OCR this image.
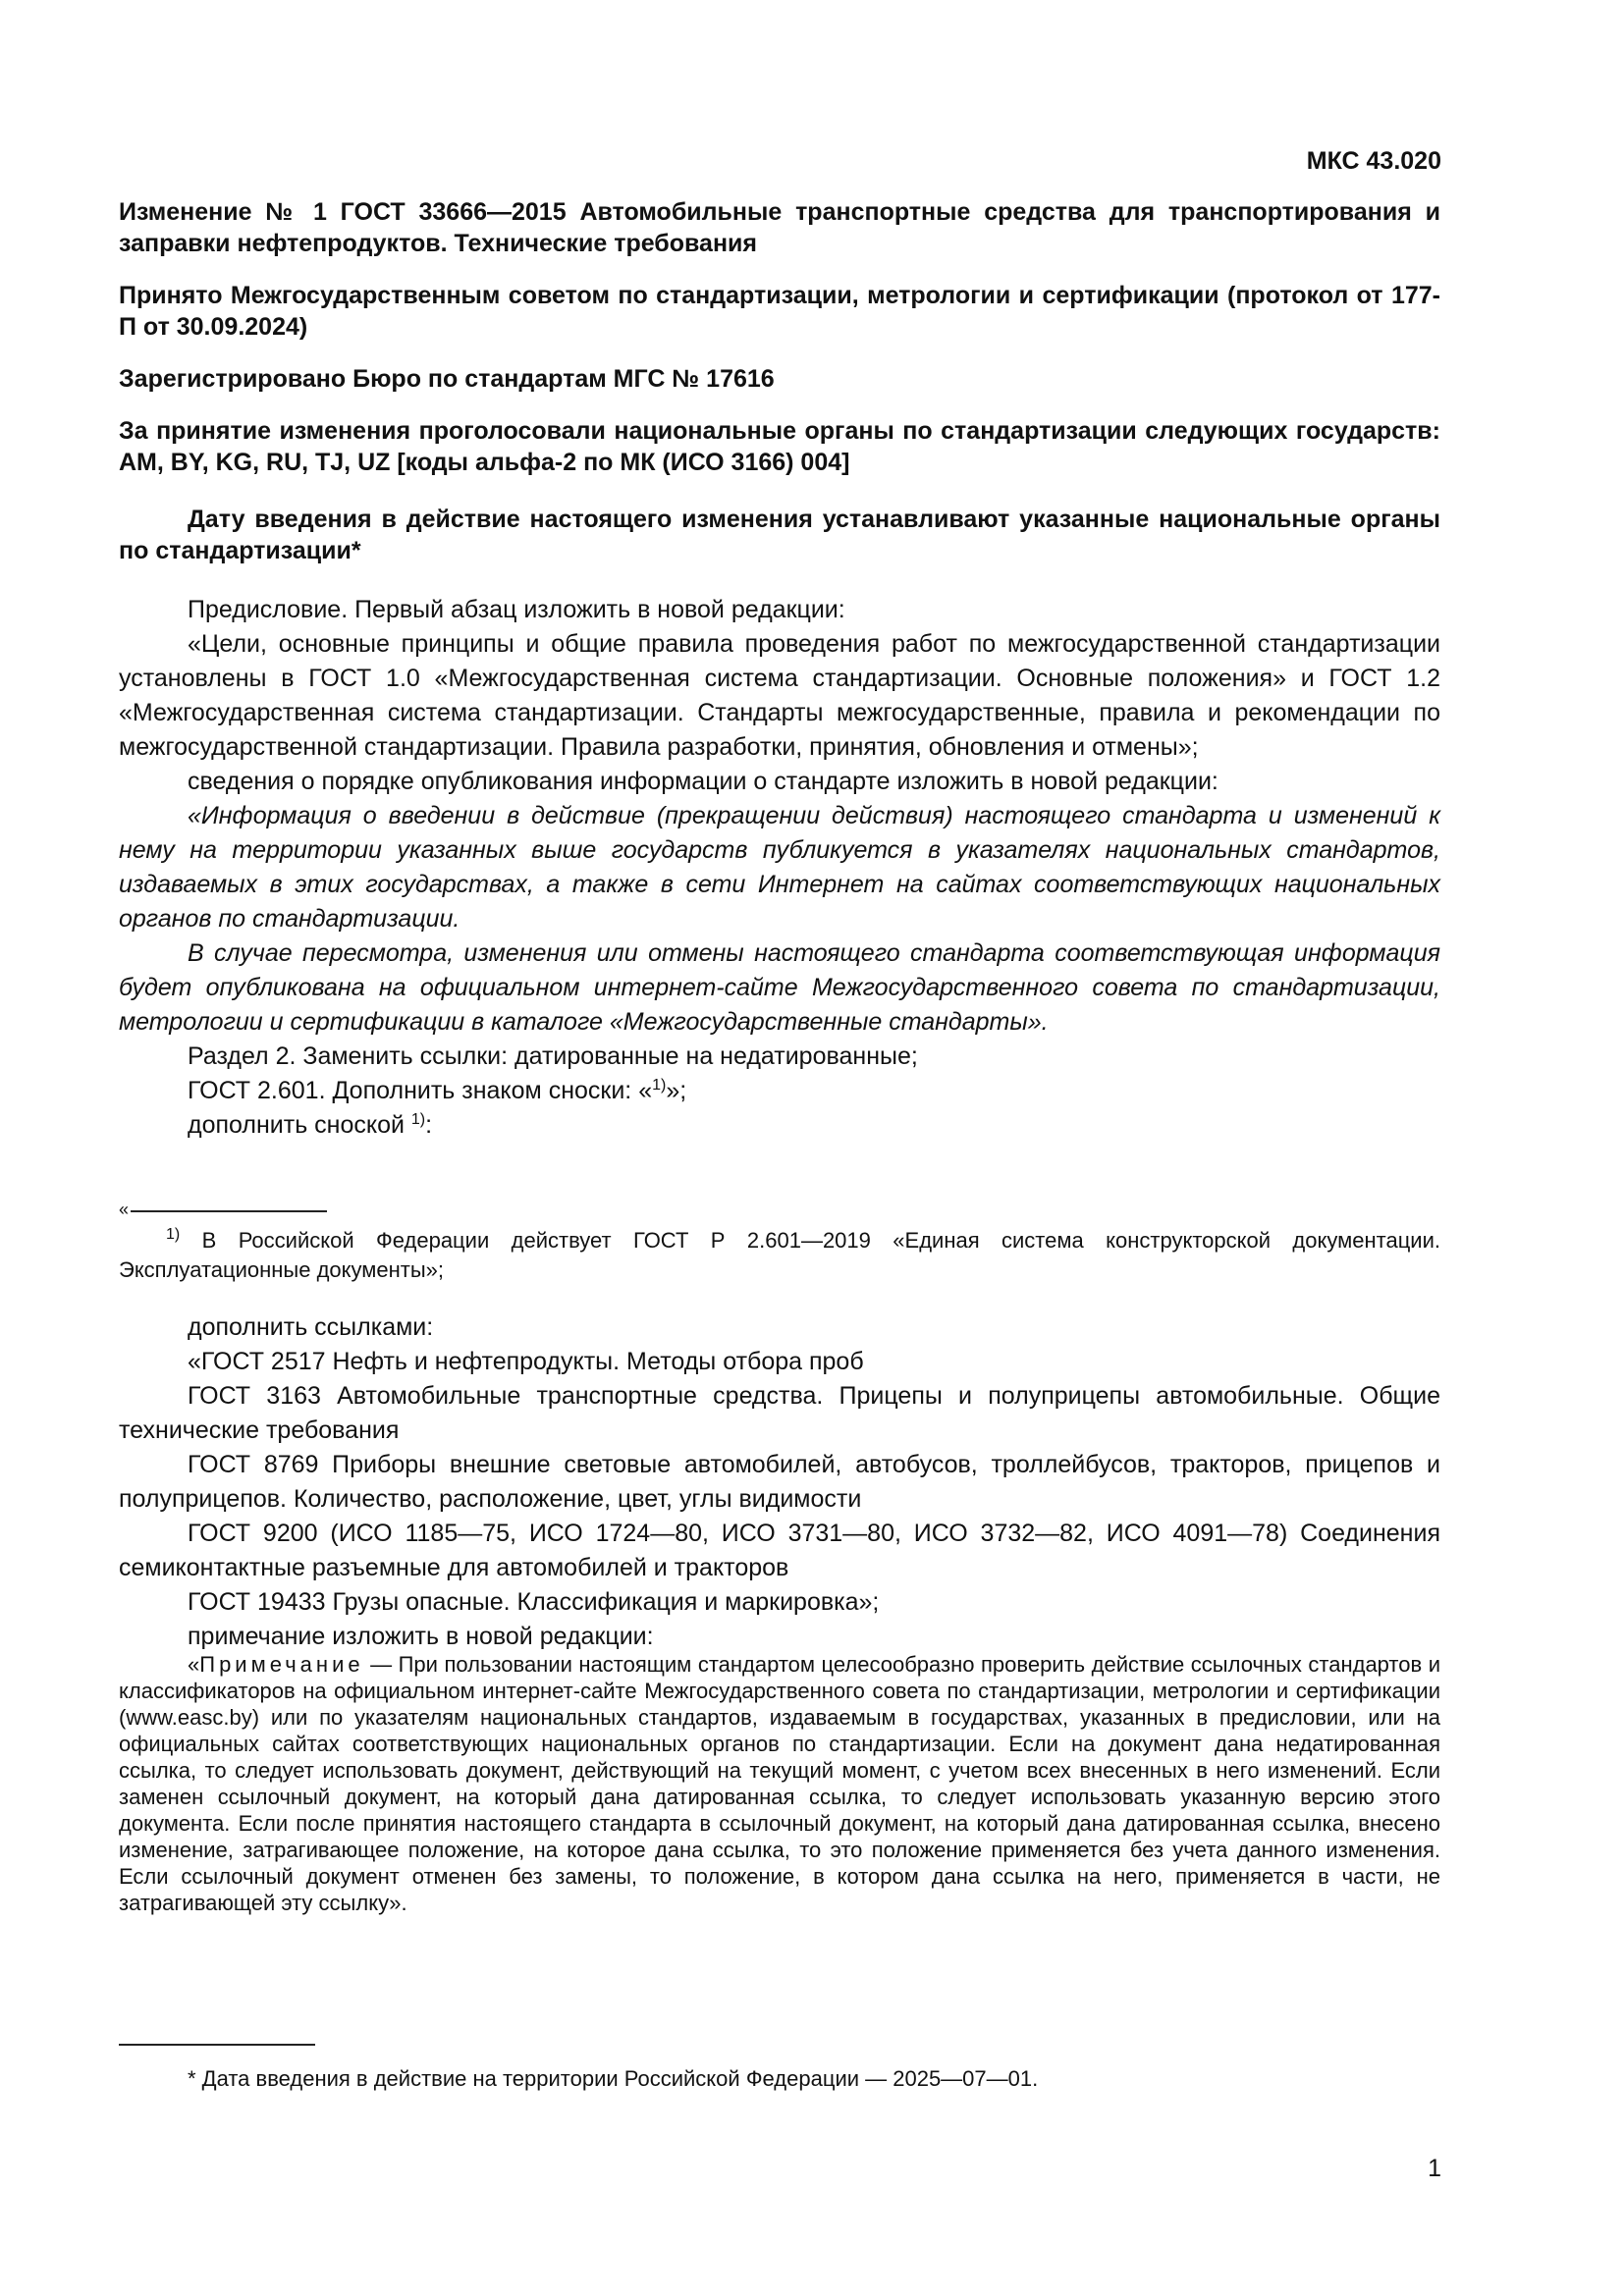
МКС 43.020

Изменение № 1 ГОСТ 33666—2015 Автомобильные транспортные средства для транспортирования и заправки нефтепродуктов. Технические требования

Принято Межгосударственным советом по стандартизации, метрологии и сертификации (протокол от 177-П от 30.09.2024)

Зарегистрировано Бюро по стандартам МГС № 17616

За принятие изменения проголосовали национальные органы по стандартизации следующих государств: AM, BY, KG, RU, TJ, UZ [коды альфа-2 по МК (ИСО 3166) 004]

Дату введения в действие настоящего изменения устанавливают указанные национальные органы по стандартизации*

Предисловие. Первый абзац изложить в новой редакции:

«Цели, основные принципы и общие правила проведения работ по межгосударственной стандартизации установлены в ГОСТ 1.0 «Межгосударственная система стандартизации. Основные положения» и ГОСТ 1.2 «Межгосударственная система стандартизации. Стандарты межгосударственные, правила и рекомендации по межгосударственной стандартизации. Правила разработки, принятия, обновления и отмены»;

сведения о порядке опубликования информации о стандарте изложить в новой редакции:

«Информация о введении в действие (прекращении действия) настоящего стандарта и изменений к нему на территории указанных выше государств публикуется в указателях национальных стандартов, издаваемых в этих государствах, а также в сети Интернет на сайтах соответствующих национальных органов по стандартизации.

В случае пересмотра, изменения или отмены настоящего стандарта соответствующая информация будет опубликована на официальном интернет-сайте Межгосударственного совета по стандартизации, метрологии и сертификации в каталоге «Межгосударственные стандарты».

Раздел 2. Заменить ссылки: датированные на недатированные;

ГОСТ 2.601. Дополнить знаком сноски: «$^{1)}$»;

дополнить сноской $^{1)}$:

«
$^{1)}$ В Российской Федерации действует ГОСТ Р 2.601—2019 «Единая система конструкторской документации. Эксплуатационные документы»;

дополнить ссылками:

«ГОСТ 2517 Нефть и нефтепродукты. Методы отбора проб

ГОСТ 3163 Автомобильные транспортные средства. Прицепы и полуприцепы автомобильные. Общие технические требования

ГОСТ 8769 Приборы внешние световые автомобилей, автобусов, троллейбусов, тракторов, прицепов и полуприцепов. Количество, расположение, цвет, углы видимости

ГОСТ 9200 (ИСО 1185—75, ИСО 1724—80, ИСО 3731—80, ИСО 3732—82, ИСО 4091—78) Соединения семиконтактные разъемные для автомобилей и тракторов

ГОСТ 19433 Грузы опасные. Классификация и маркировка»;

примечание изложить в новой редакции:

«Примечание — При пользовании настоящим стандартом целесообразно проверить действие ссылочных стандартов и классификаторов на официальном интернет-сайте Межгосударственного совета по стандартизации, метрологии и сертификации (www.easc.by) или по указателям национальных стандартов, издаваемым в государствах, указанных в предисловии, или на официальных сайтах соответствующих национальных органов по стандартизации. Если на документ дана недатированная ссылка, то следует использовать документ, действующий на текущий момент, с учетом всех внесенных в него изменений. Если заменен ссылочный документ, на который дана датированная ссылка, то следует использовать указанную версию этого документа. Если после принятия настоящего стандарта в ссылочный документ, на который дана датированная ссылка, внесено изменение, затрагивающее положение, на которое дана ссылка, то это положение применяется без учета данного изменения. Если ссылочный документ отменен без замены, то положение, в котором дана ссылка на него, применяется в части, не затрагивающей эту ссылку».

* Дата введения в действие на территории Российской Федерации — 2025—07—01.
1
